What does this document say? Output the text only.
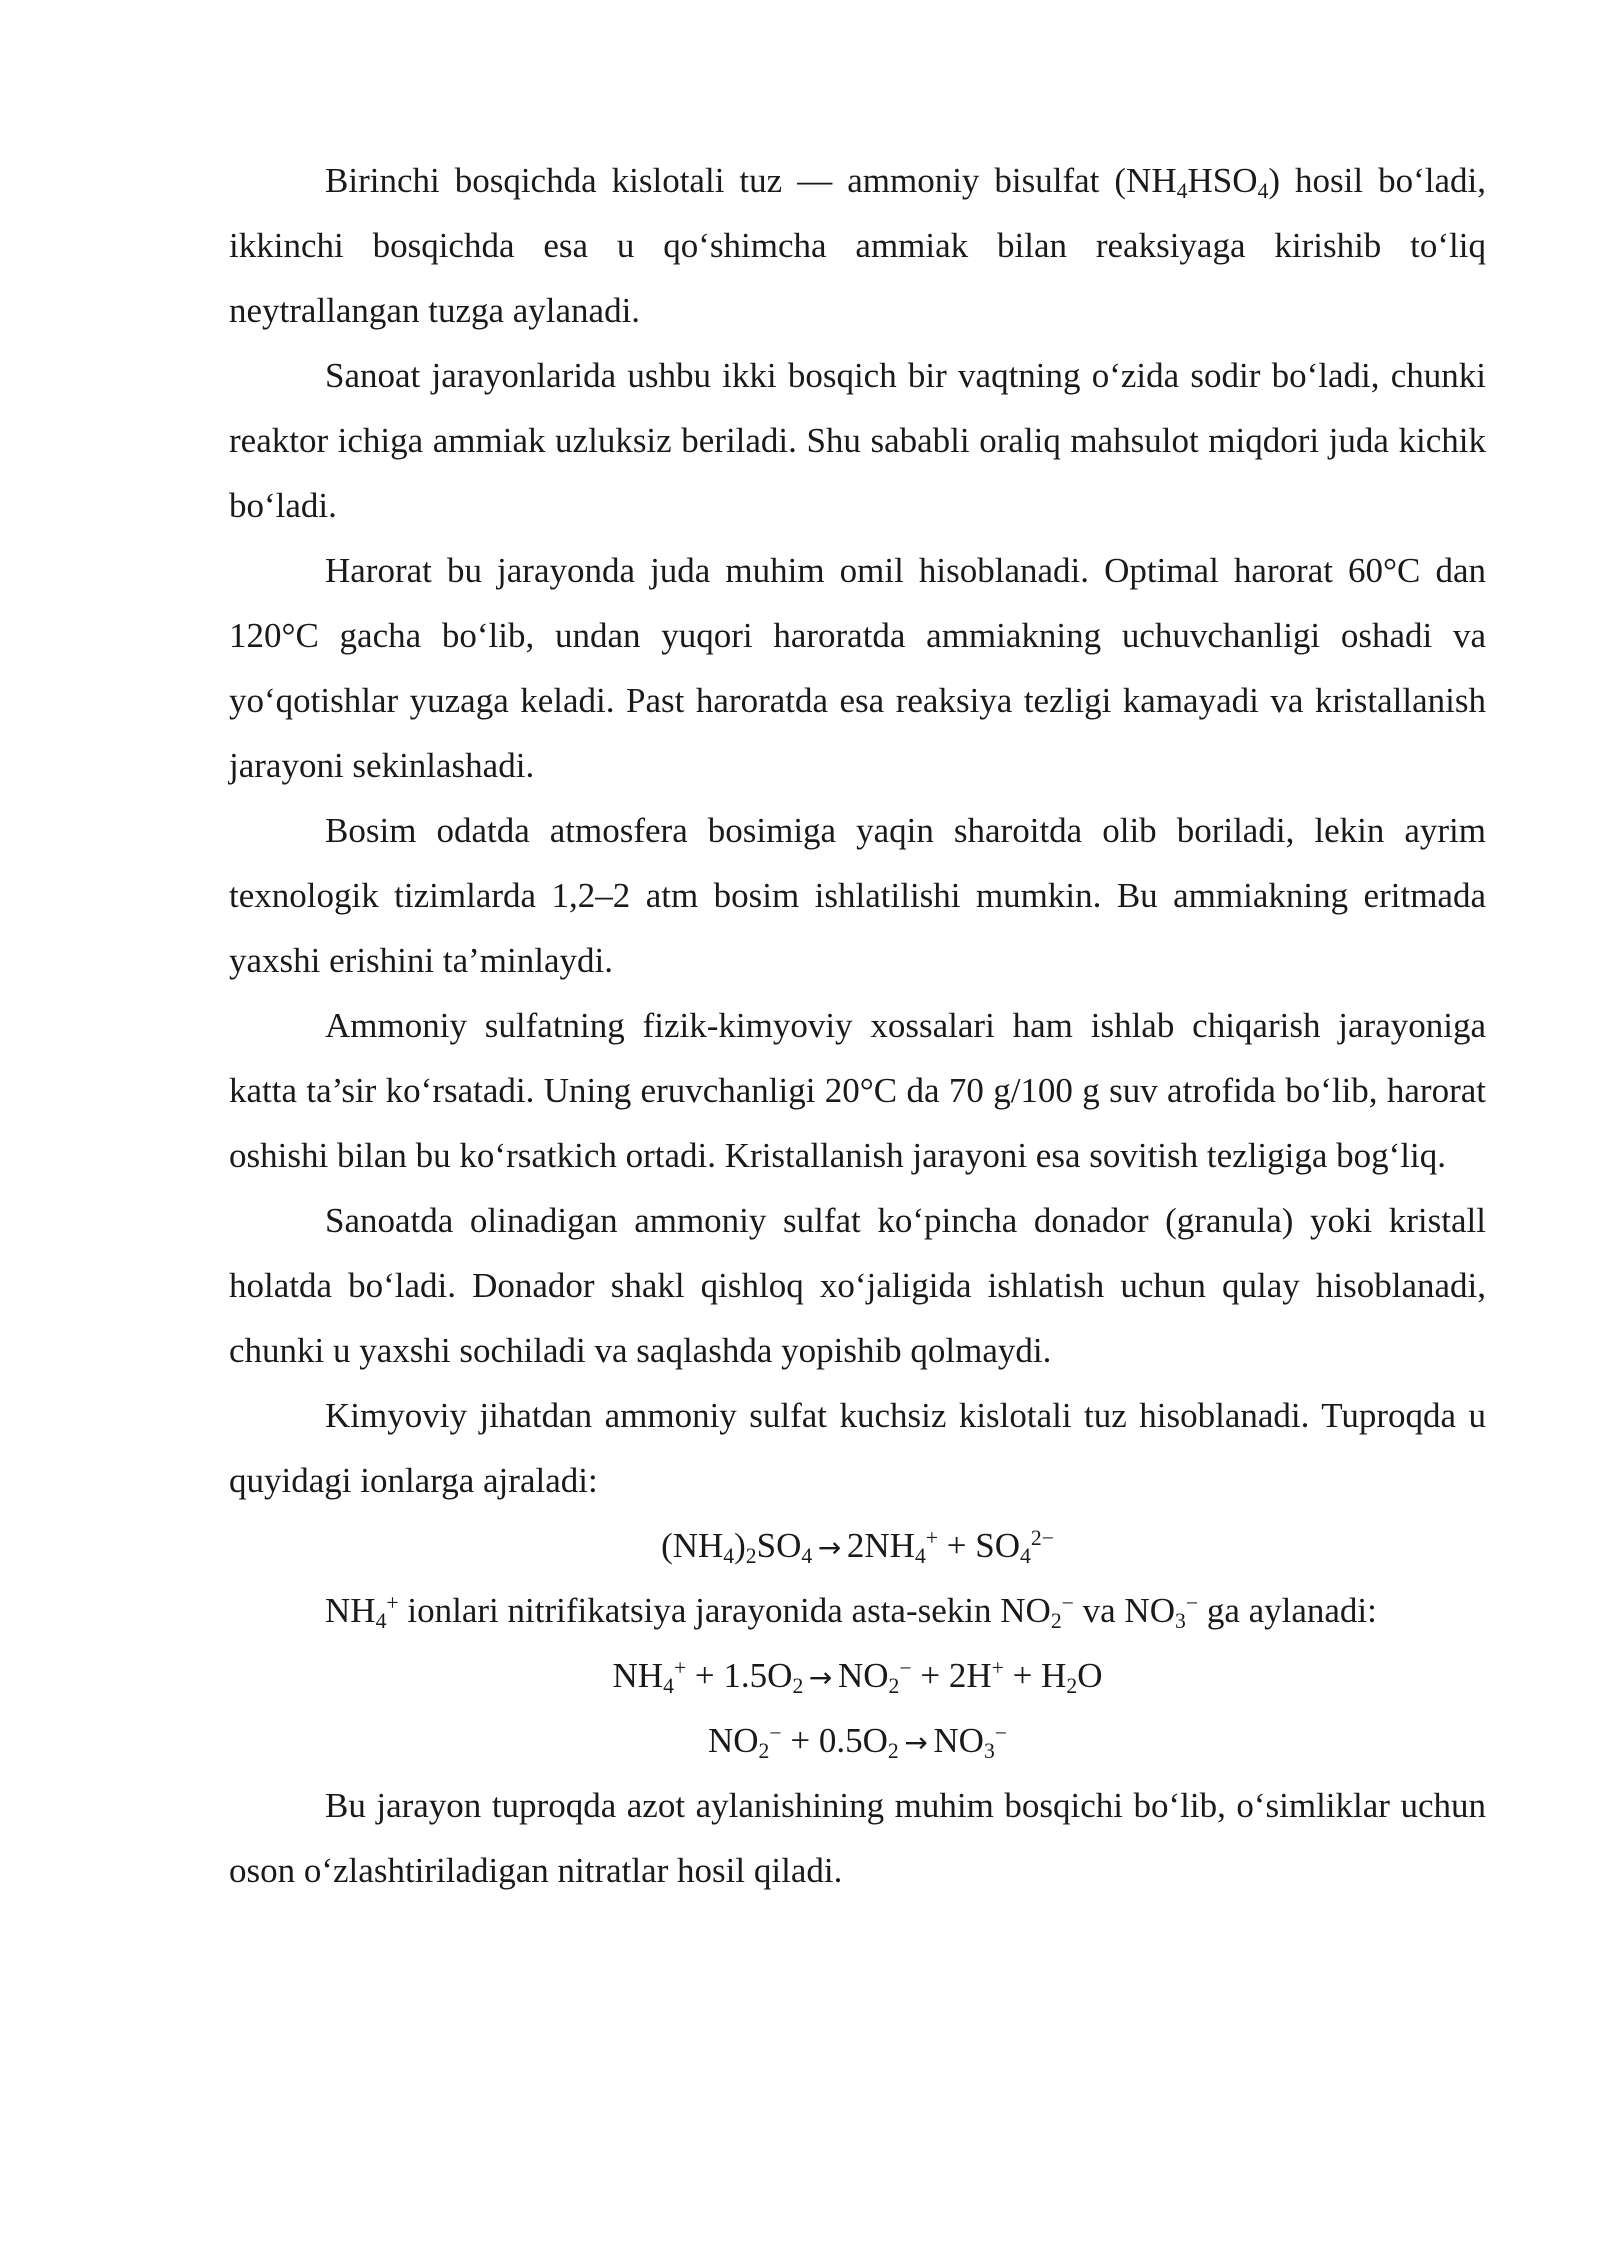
Birinchi bosqichda kislotali tuz — ammoniy bisulfat $(NH_4HSO_4)$ hosil bo‘ladi, ikkinchi bosqichda esa u qo‘shimcha ammiak bilan reaksiyaga kirishib to‘liq neytrallangan tuzga aylanadi.

Sanoat jarayonlarida ushbu ikki bosqich bir vaqtning o‘zida sodir bo‘ladi, chunki reaktor ichiga ammiak uzluksiz beriladi. Shu sababli oraliq mahsulot miqdori juda kichik bo‘ladi.

Harorat bu jarayonda juda muhim omil hisoblanadi. Optimal harorat 60°C dan 120°C gacha bo‘lib, undan yuqori haroratda ammiakning uchuvchanligi oshadi va yo‘qotishlar yuzaga keladi. Past haroratda esa reaksiya tezligi kamayadi va kristallanish jarayoni sekinlashadi.

Bosim odatda atmosfera bosimiga yaqin sharoitda olib boriladi, lekin ayrim texnologik tizimlarda 1,2–2 atm bosim ishlatilishi mumkin. Bu ammiakning eritmada yaxshi erishini ta’minlaydi.

Ammoniy sulfatning fizik-kimyoviy xossalari ham ishlab chiqarish jarayoniga katta ta’sir ko‘rsatadi. Uning eruvchanligi 20°C da 70 g/100 g suv atrofida bo‘lib, harorat oshishi bilan bu ko‘rsatkich ortadi. Kristallanish jarayoni esa sovitish tezligiga bog‘liq.

Sanoatda olinadigan ammoniy sulfat ko‘pincha donador (granula) yoki kristall holatda bo‘ladi. Donador shakl qishloq xo‘jaligida ishlatish uchun qulay hisoblanadi, chunki u yaxshi sochiladi va saqlashda yopishib qolmaydi.

Kimyoviy jihatdan ammoniy sulfat kuchsiz kislotali tuz hisoblanadi. Tuproqda u quyidagi ionlarga ajraladi:

$(NH_4)_2SO_4 \to 2NH_4^+ + SO_4^{2-}$

$NH_4^+$ ionlari nitrifikatsiya jarayonida asta-sekin $NO_2^-$ va $NO_3^-$ ga aylanadi:

$NH_4^+ + 1.5O_2 \to NO_2^- + 2H^+ + H_2O$
$NO_2^- + 0.5O_2 \to NO_3^-$

Bu jarayon tuproqda azot aylanishining muhim bosqichi bo‘lib, o‘simliklar uchun oson o‘zlashtiriladigan nitratlar hosil qiladi.
